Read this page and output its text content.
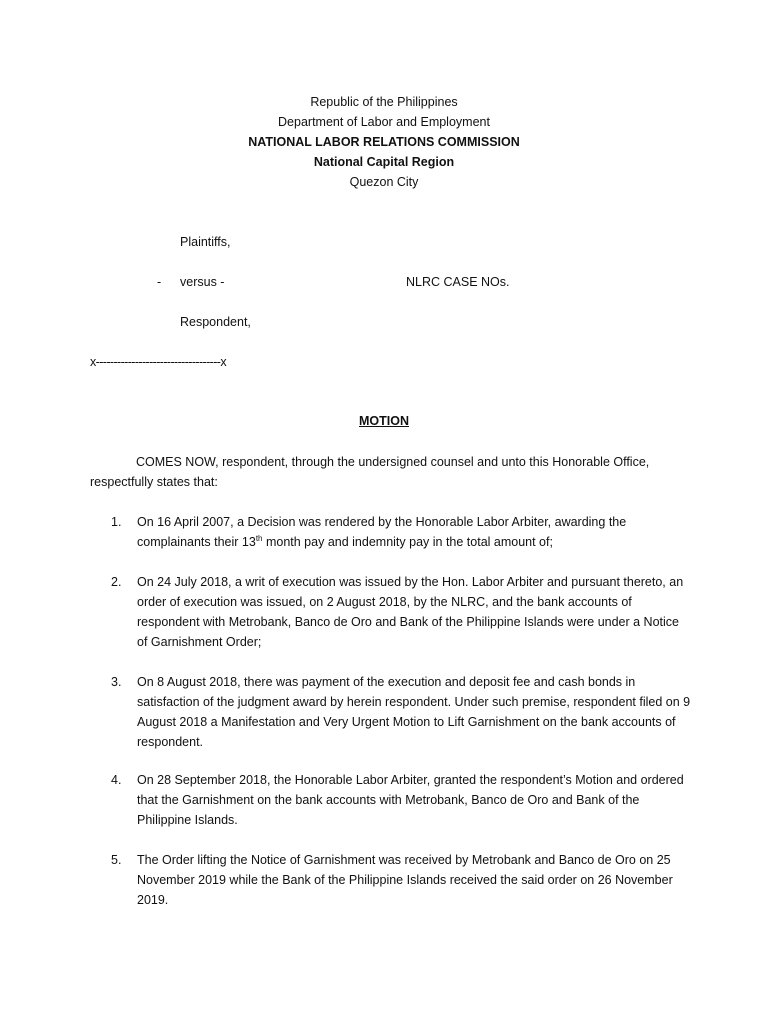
Republic of the Philippines
Department of Labor and Employment
NATIONAL LABOR RELATIONS COMMISSION
National Capital Region
Quezon City
Plaintiffs,
- versus -	NLRC CASE NOs.
Respondent,
x-----------------------------------x
MOTION
COMES NOW, respondent, through the undersigned counsel and unto this Honorable Office, respectfully states that:
1.	On 16 April 2007, a Decision was rendered by the Honorable Labor Arbiter, awarding the complainants their 13th month pay and indemnity pay in the total amount of;
2.	On 24 July 2018, a writ of execution was issued by the Hon. Labor Arbiter and pursuant thereto, an order of execution was issued, on 2 August 2018, by the NLRC, and the bank accounts of respondent with Metrobank, Banco de Oro and Bank of the Philippine Islands were under a Notice of Garnishment Order;
3.	On 8 August 2018, there was payment of the execution and deposit fee and cash bonds in satisfaction of the judgment award by herein respondent. Under such premise, respondent filed on 9 August 2018 a Manifestation and Very Urgent Motion to Lift Garnishment on the bank accounts of respondent.
4.	On 28 September 2018, the Honorable Labor Arbiter, granted the respondent’s Motion and ordered that the Garnishment on the bank accounts with Metrobank, Banco de Oro and Bank of the Philippine Islands.
5.	The Order lifting the Notice of Garnishment was received by Metrobank and Banco de Oro on 25 November 2019 while the Bank of the Philippine Islands received the said order on 26 November 2019.
